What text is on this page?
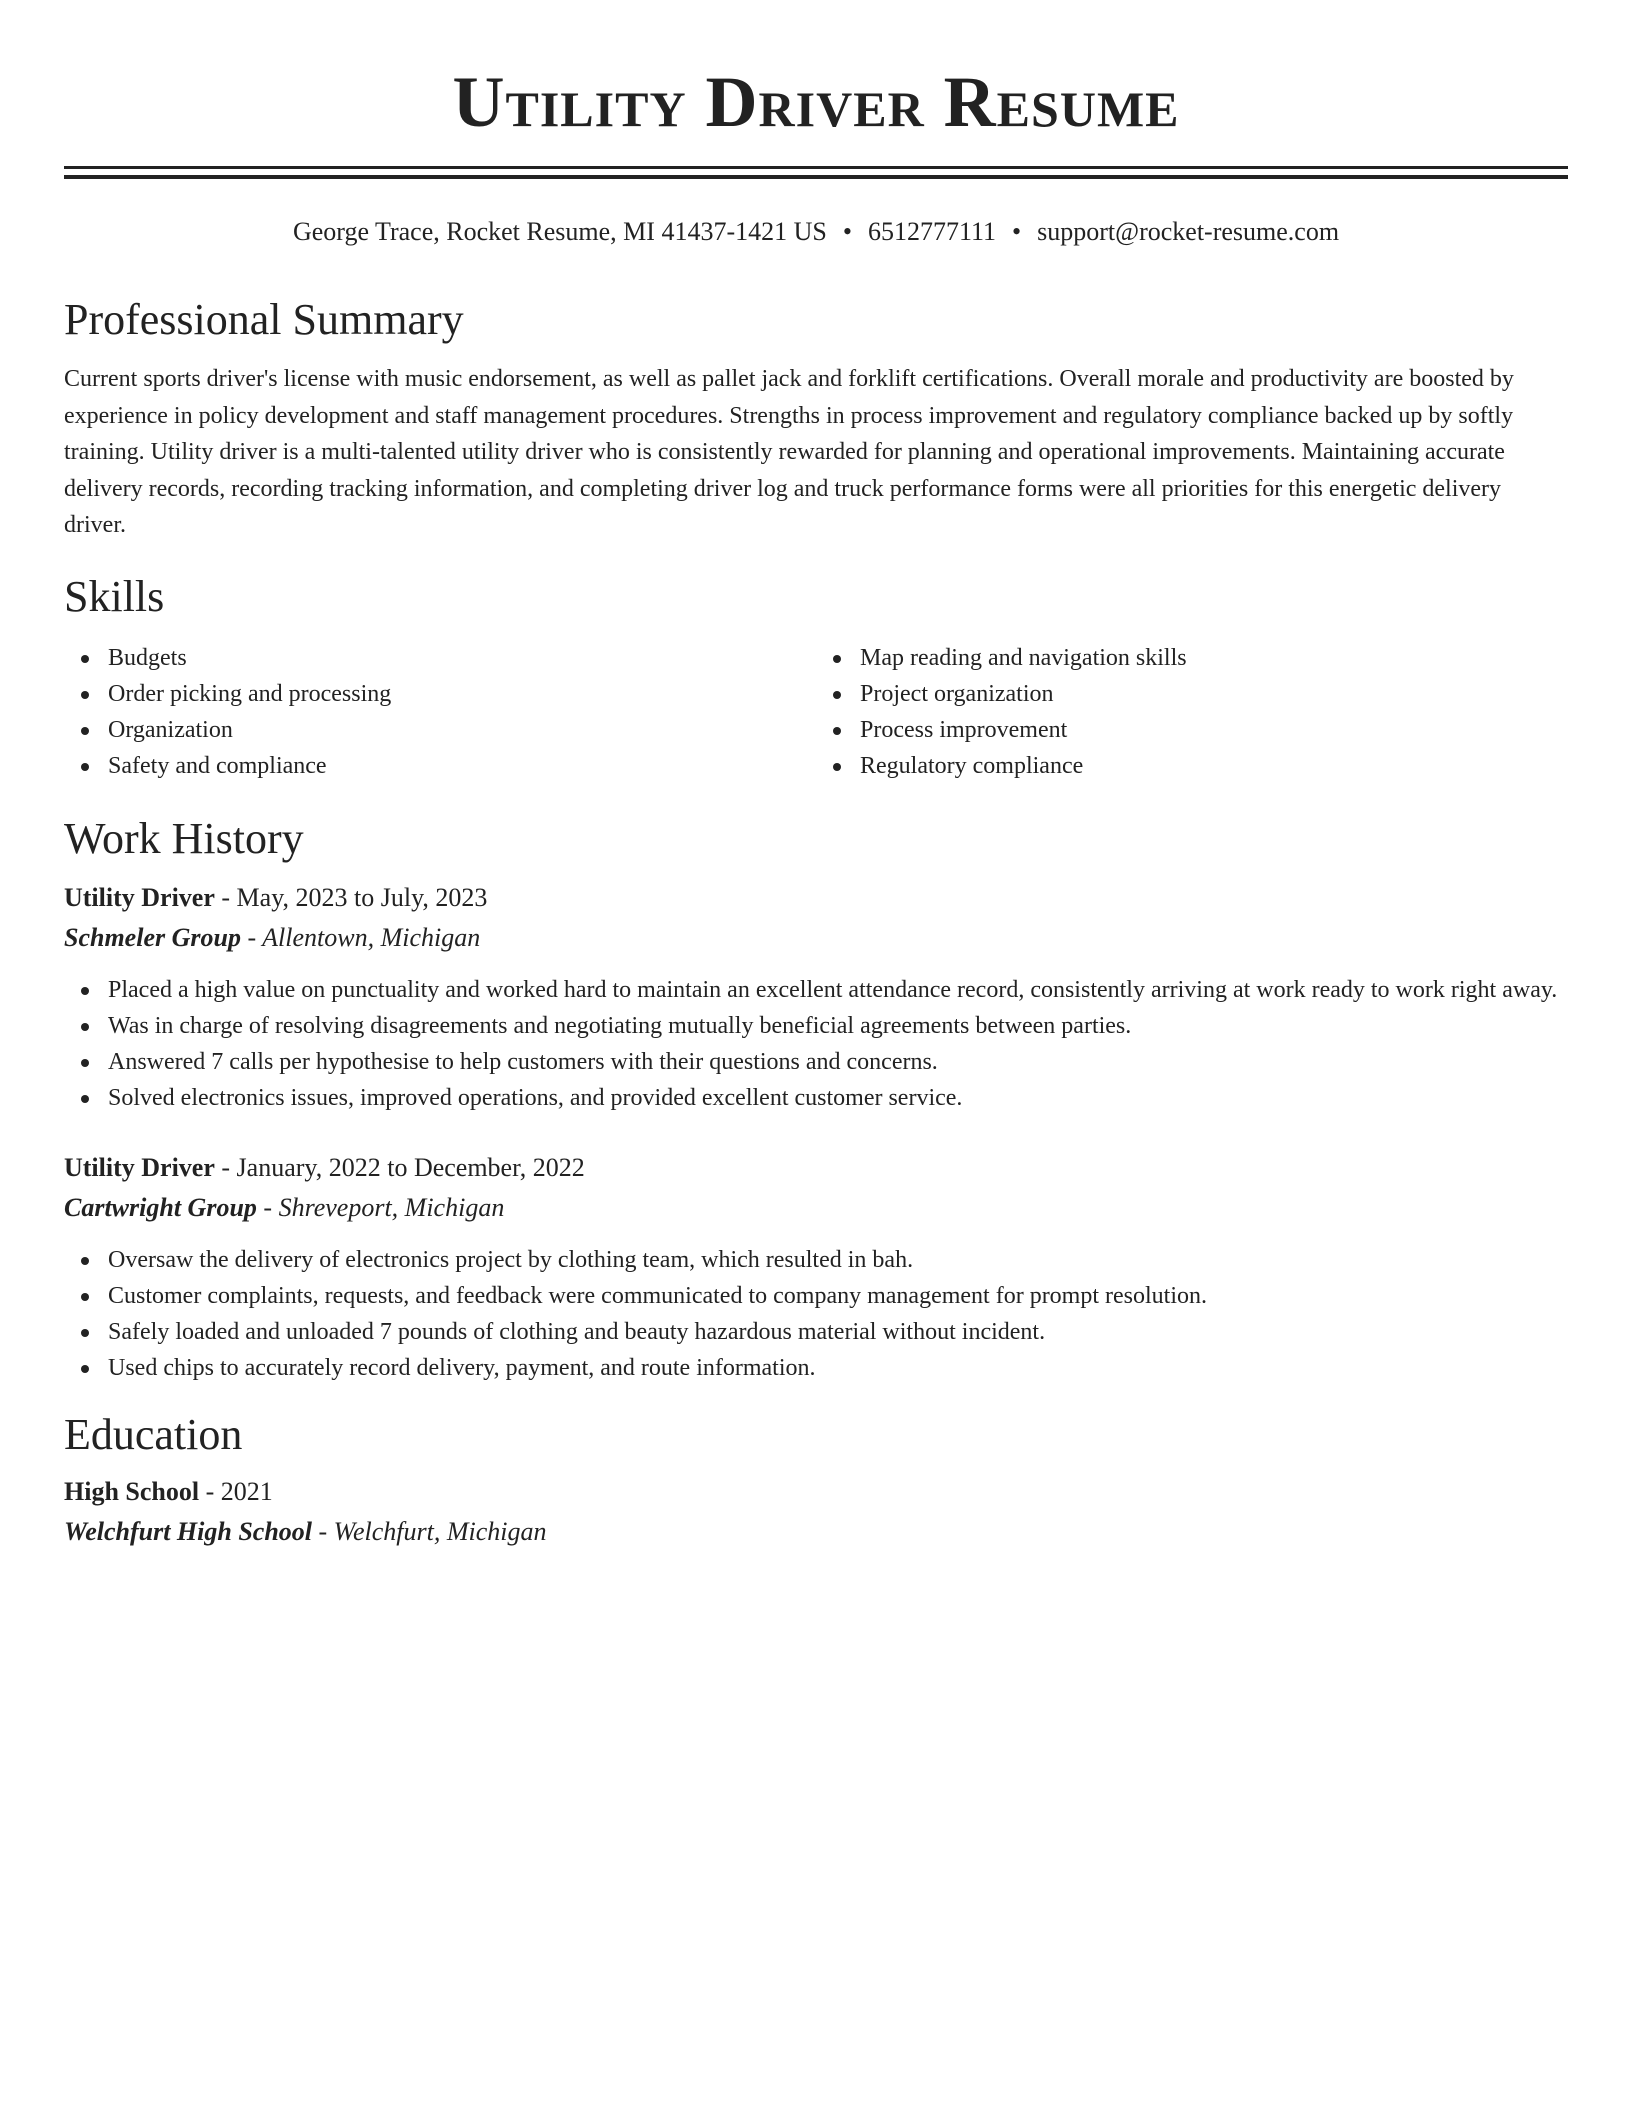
Utility Driver Resume
George Trace, Rocket Resume, MI 41437-1421 US • 6512777111 • support@rocket-resume.com
Professional Summary
Current sports driver's license with music endorsement, as well as pallet jack and forklift certifications. Overall morale and productivity are boosted by experience in policy development and staff management procedures. Strengths in process improvement and regulatory compliance backed up by softly training. Utility driver is a multi-talented utility driver who is consistently rewarded for planning and operational improvements. Maintaining accurate delivery records, recording tracking information, and completing driver log and truck performance forms were all priorities for this energetic delivery driver.
Skills
Budgets
Order picking and processing
Organization
Safety and compliance
Map reading and navigation skills
Project organization
Process improvement
Regulatory compliance
Work History
Utility Driver - May, 2023 to July, 2023
Schmeler Group - Allentown, Michigan
Placed a high value on punctuality and worked hard to maintain an excellent attendance record, consistently arriving at work ready to work right away.
Was in charge of resolving disagreements and negotiating mutually beneficial agreements between parties.
Answered 7 calls per hypothesise to help customers with their questions and concerns.
Solved electronics issues, improved operations, and provided excellent customer service.
Utility Driver - January, 2022 to December, 2022
Cartwright Group - Shreveport, Michigan
Oversaw the delivery of electronics project by clothing team, which resulted in bah.
Customer complaints, requests, and feedback were communicated to company management for prompt resolution.
Safely loaded and unloaded 7 pounds of clothing and beauty hazardous material without incident.
Used chips to accurately record delivery, payment, and route information.
Education
High School - 2021
Welchfurt High School - Welchfurt, Michigan
